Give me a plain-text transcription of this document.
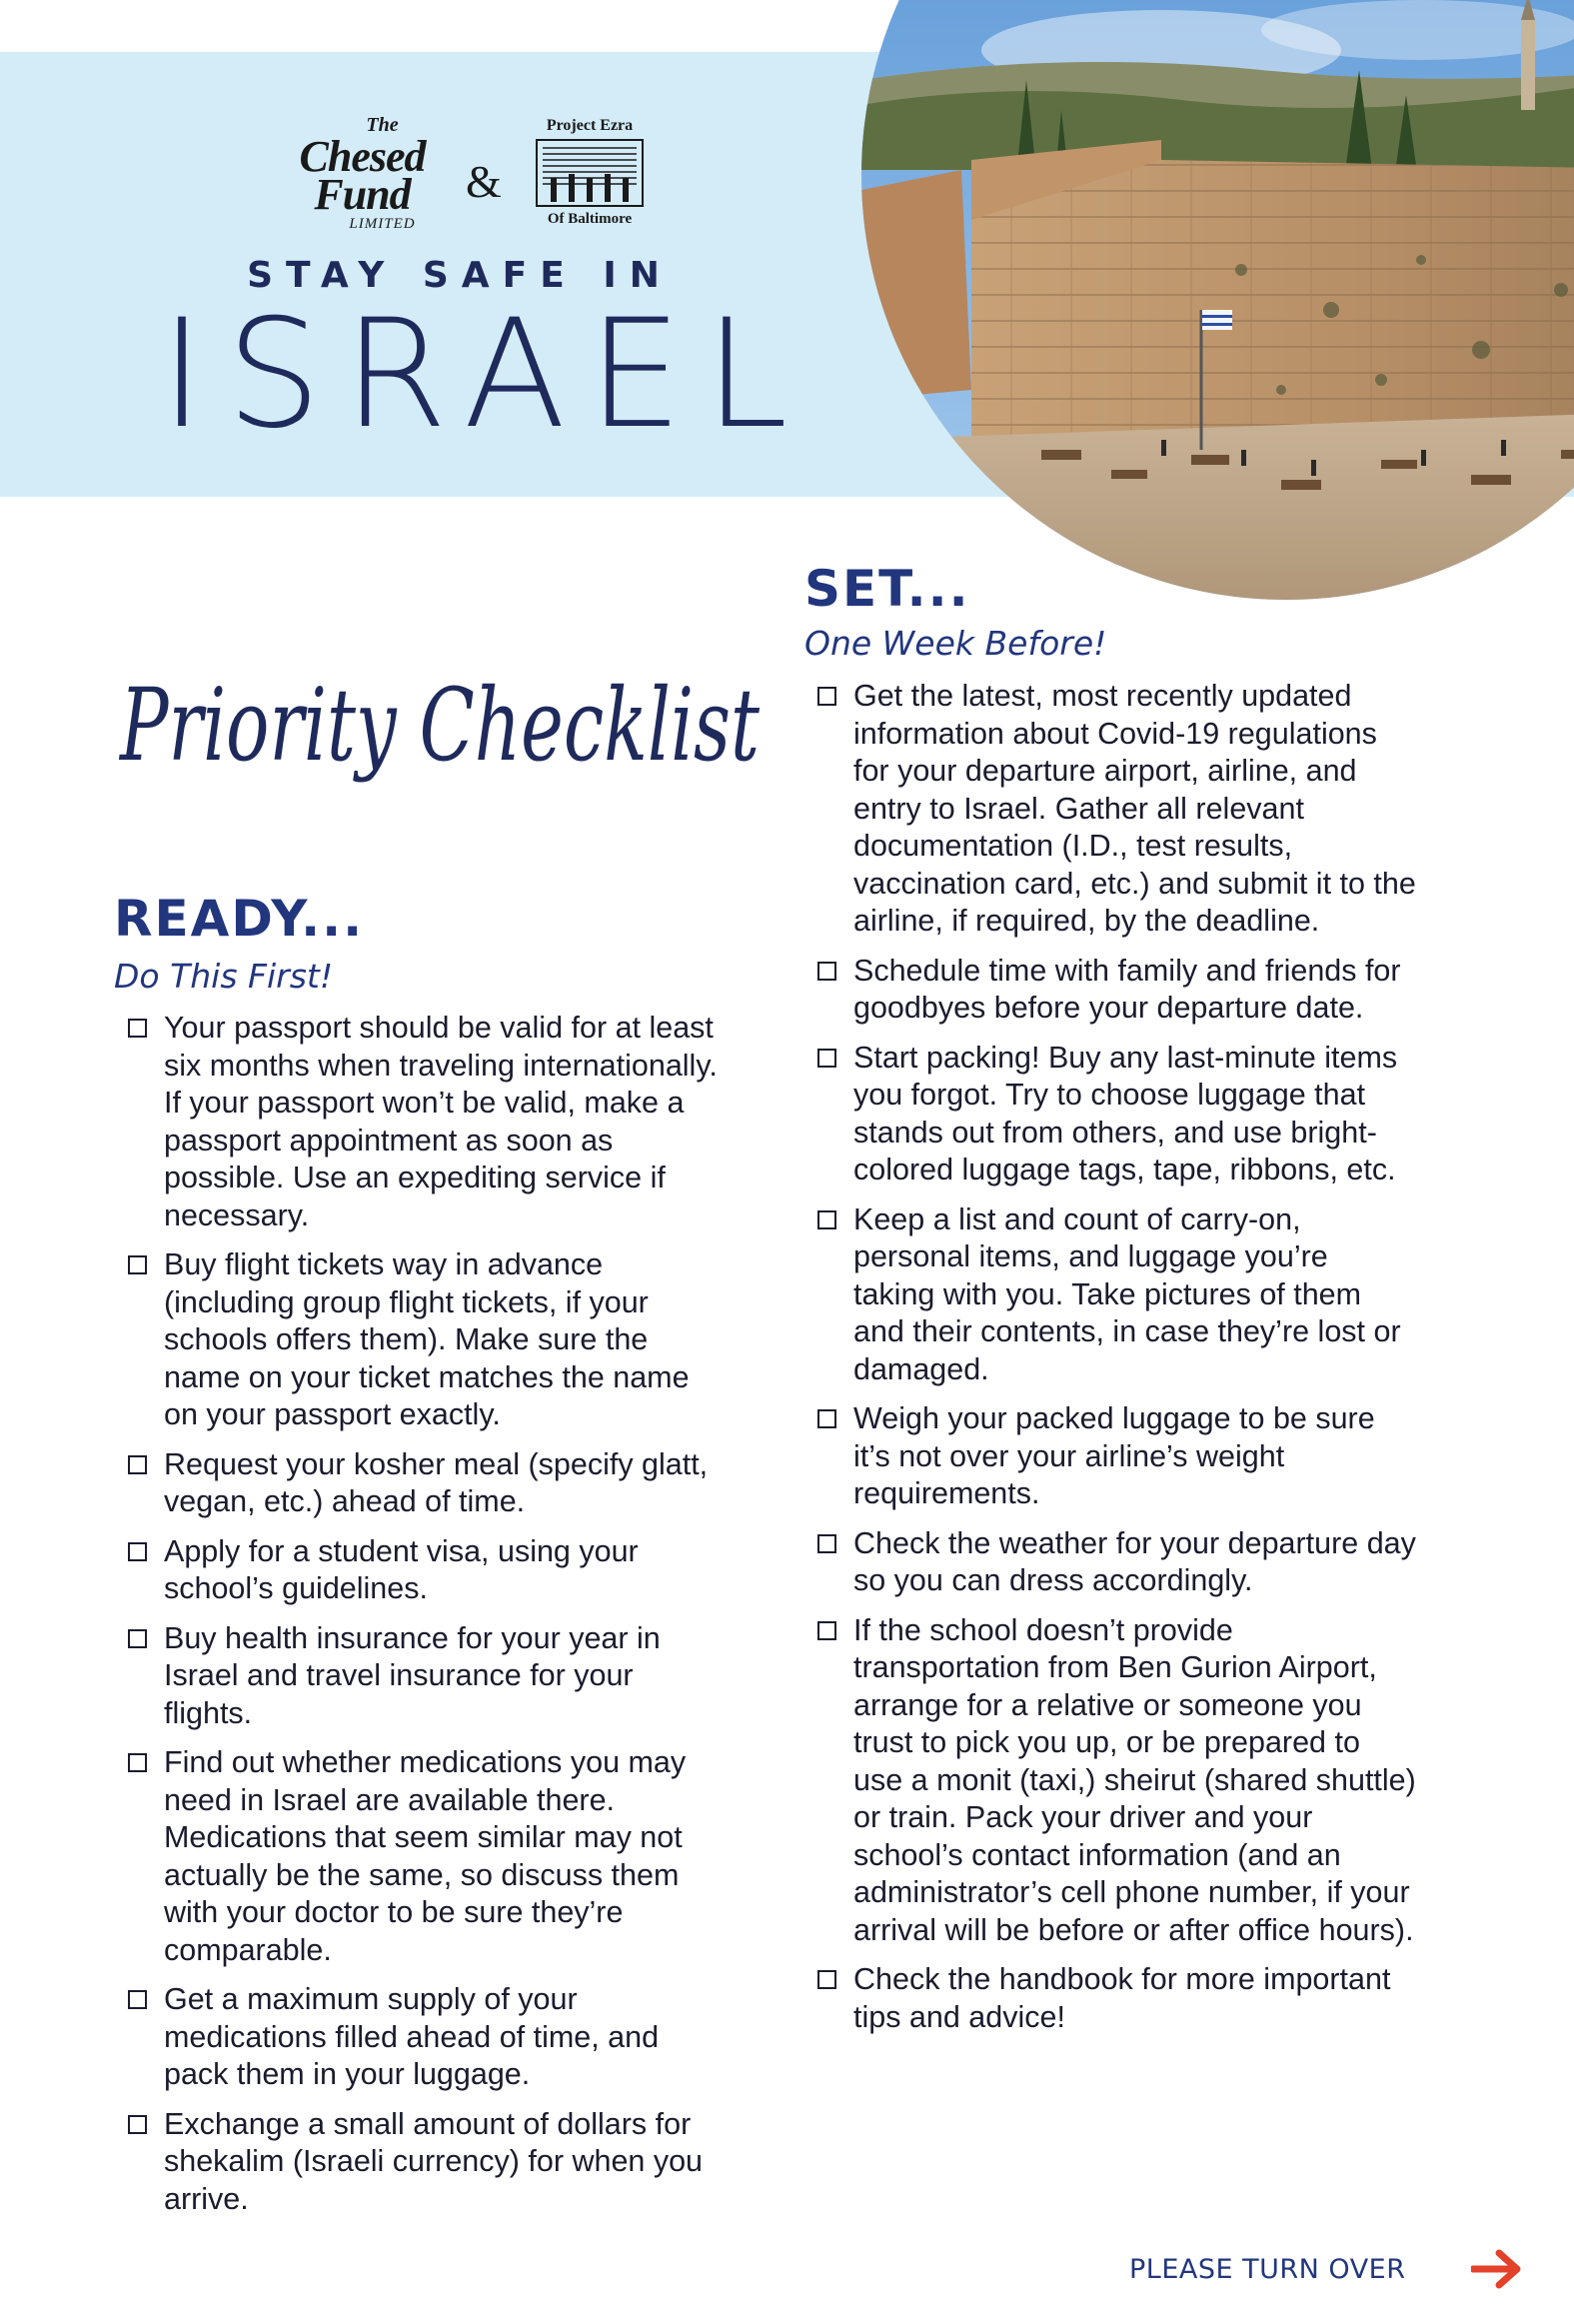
The
Chesed
Fund
LIMITED
&
Project Ezra
Of Baltimore
STAY SAFE IN
ISRAEL
Priority Checklist
READY...
Do This First!
Your passport should be valid for at least six months when traveling internationally. If your passport won’t be valid, make a passport appointment as soon as possible. Use an expediting service if necessary.
Buy flight tickets way in advance (including group flight tickets, if your schools offers them). Make sure the name on your ticket matches the name on your passport exactly.
Request your kosher meal (specify glatt, vegan, etc.) ahead of time.
Apply for a student visa, using your school’s guidelines.
Buy health insurance for your year in Israel and travel insurance for your flights.
Find out whether medications you may need in Israel are available there. Medications that seem similar may not actually be the same, so discuss them with your doctor to be sure they’re comparable.
Get a maximum supply of your medications filled ahead of time, and pack them in your luggage.
Exchange a small amount of dollars for shekalim (Israeli currency) for when you arrive.
SET...
One Week Before!
Get the latest, most recently updated information about Covid-19 regulations for your departure airport, airline, and entry to Israel. Gather all relevant documentation (I.D., test results, vaccination card, etc.) and submit it to the airline, if required, by the deadline.
Schedule time with family and friends for goodbyes before your departure date.
Start packing! Buy any last-minute items you forgot. Try to choose luggage that stands out from others, and use bright- colored luggage tags, tape, ribbons, etc.
Keep a list and count of carry-on, personal items, and luggage you’re taking with you. Take pictures of them and their contents, in case they’re lost or damaged.
Weigh your packed luggage to be sure it’s not over your airline’s weight requirements.
Check the weather for your departure day so you can dress accordingly.
If the school doesn’t provide transportation from Ben Gurion Airport, arrange for a relative or someone you trust to pick you up, or be prepared to use a monit (taxi,) sheirut (shared shuttle) or train. Pack your driver and your school’s contact information (and an administrator’s cell phone number, if your arrival will be before or after office hours).
Check the handbook for more important tips and advice!
PLEASE TURN OVER
